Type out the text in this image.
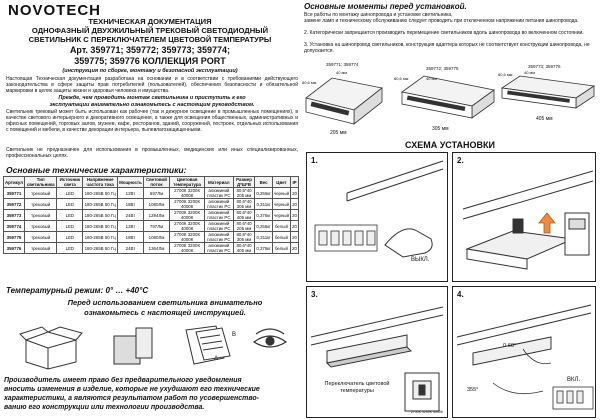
NOVOTECH
ТЕХНИЧЕСКАЯ ДОКУМЕНТАЦИЯ
ОДНОФАЗНЫЙ ДВУХЖИЛЬНЫЙ ТРЕКОВЫЙ СВЕТОДИОДНЫЙ
СВЕТИЛЬНИК С ПЕРЕКЛЮЧАТЕЛЕМ ЦВЕТОВОЙ ТЕМПЕРАТУРЫ
Арт. 359771; 359772; 359773; 359774;
359775; 359776 КОЛЛЕКЦИЯ PORT
(инструкция по сборке, монтажу и безопасной эксплуатации)
Настоящая Техническая документация разработана на основании и в соответствии с требованиями действующего законодательства в сфере защиты прав потребителей (пользователей), обеспечения безопасности и обязательной маркировки в целях защиты жизни и здоровья человека и имущества.
Прежде, чем проводить монтаж светильника и приступить к его
эксплуатации внимательно ознакомьтесь с настоящим руководством.
Светильник трековый может быть использован как рабочее (так и дежурное освещение в промышленных помещениях), в качестве светового интерьерного и декоративного освещения, а также для освещения общественных, административных и офисных помещений, торговых залов, музеев, кафе, ресторанов, зданий, сооружений, построек, отдельных использования с помещений и мебели, в качестве декорации интерьера, пылевлагозащищенными.
Светильник не предназначен для использования в промышленных, медицинских или иных специализированных, профессиональных целях.
Основные технические характеристики:
Артикул	Тип светильника	Источник света	Напряжение частота тока	Мощность	Световой поток	Цветовая температура	Материал	Размер Д*Ш*В	Вес	Цвет	IP
359771	трековый	LED	180-265В 50 Гц	12Вт	697Лм	2700К 3200К 4000К	алюминий пластик PC	80,6*40 205 мм	0,256кг	черный	20
359772	трековый	LED	180-265В 50 Гц	18Вт	1080Лм	2700К 3200К 4000К	алюминий пластик PC	80,6*40 305 мм	0,311кг	черный	20
359773	трековый	LED	180-265В 50 Гц	24Вт	1294Лм	2700К 3200К 4000К	алюминий пластик PC	80,6*40 405 мм	0,376кг	черный	20
359774	трековый	LED	180-265В 50 Гц	12Вт	797Лм	2700К 3200К 4000К	алюминий пластик PC	80,6*40 205 мм	0,256кг	белый	20
359775	трековый	LED	180-265В 50 Гц	18Вт	1080Лм	2700К 3200К 4000К	алюминий пластик PC	80,6*40 305 мм	0,311кг	белый	20
359776	трековый	LED	180-265В 50 Гц	24Вт	1364Лм	2700К 3200К 4000К	алюминий пластик PC	80,6*40 405 мм	0,376кг	белый	20
Температурный режим: 0° … +40°С
Перед использованием светильника внимательно
ознакомьтесь с настоящей инструкцией.
A
B
Производитель имеет право без предварительного уведомления
вносить изменения в изделие, которые не ухудшают его технические
характеристики, а являются результатом работ по усовершенство-
ванию его конструкции или технологии производства.
Основные моменты перед установкой.
Все работы по монтажу шинопровода и установке светильника,
замене ламп и техническому обслуживанию следует проводить при отключенном напряжении питания шинопровода.
2. Категорически запрещается производить перемещение светильников вдоль шинопровода во включенном состоянии.
3. Установка на шинопровод светильников, конструкция адаптера которых не соответствует конструкции шинопровода, не допускается.
359771; 359774
205 мм
80,6 мм
40 мм
359772; 359775
305 мм
80,6 мм	40 мм
359773; 359776
405 мм
80,6 мм	40 мм
СХЕМА УСТАНОВКИ
1.
ВЫКЛ.
2.
3.
Переключатель цветовой температуры
2700K 3200K 4000K
4.
0-60°
355°
ВКЛ.
